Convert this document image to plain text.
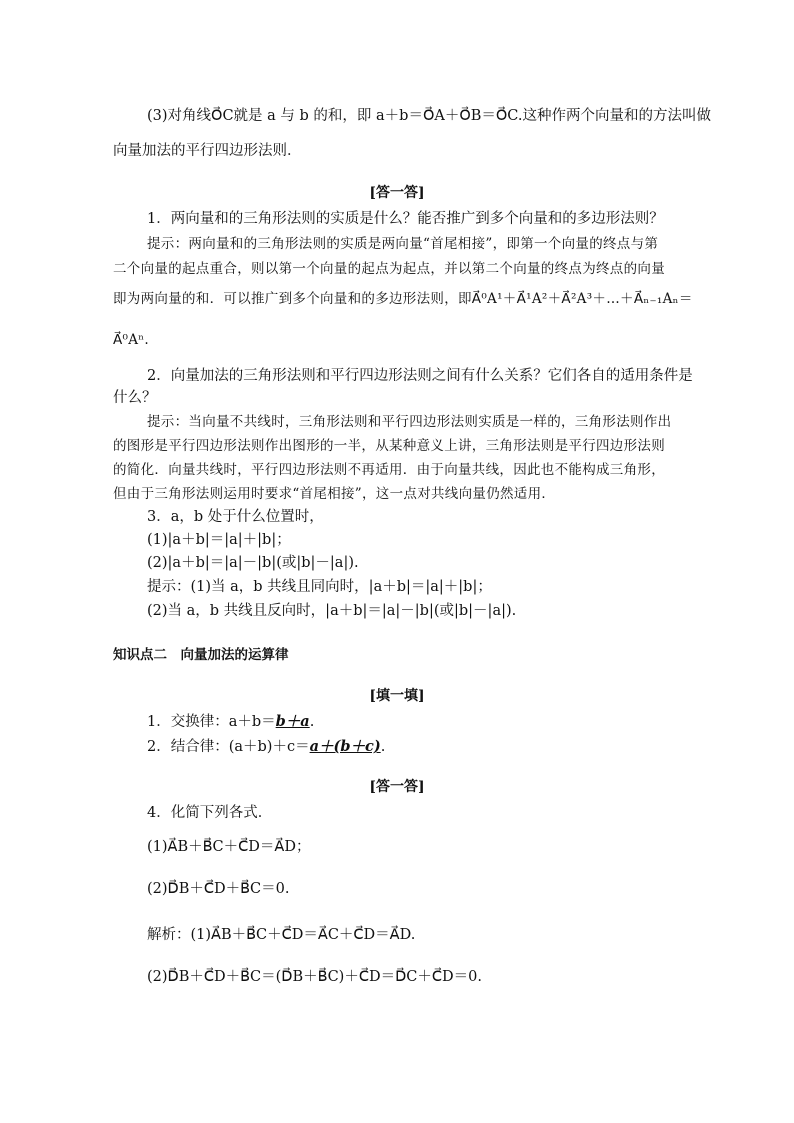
(3)对角线O⃗C就是 a 与 b 的和，即 a＋b＝O⃗A＋O⃗B＝O⃗C.这种作两个向量和的方法叫做
向量加法的平行四边形法则．
[答一答]
1．两向量和的三角形法则的实质是什么？能否推广到多个向量和的多边形法则？
提示：两向量和的三角形法则的实质是两向量“首尾相接”，即第一个向量的终点与第
二个向量的起点重合，则以第一个向量的起点为起点，并以第二个向量的终点为终点的向量
即为两向量的和．可以推广到多个向量和的多边形法则，即A⃗⁰A¹＋A⃗¹A²＋A⃗²A³＋…＋A⃗ₙ₋₁Aₙ＝
A⃗⁰Aⁿ.
2．向量加法的三角形法则和平行四边形法则之间有什么关系？它们各自的适用条件是
什么？
提示：当向量不共线时，三角形法则和平行四边形法则实质是一样的，三角形法则作出
的图形是平行四边形法则作出图形的一半，从某种意义上讲，三角形法则是平行四边形法则
的简化．向量共线时，平行四边形法则不再适用．由于向量共线，因此也不能构成三角形，
但由于三角形法则运用时要求“首尾相接”，这一点对共线向量仍然适用．
3．a，b 处于什么位置时，
(1)|a＋b|＝|a|＋|b|；
(2)|a＋b|＝|a|－|b|(或|b|－|a|).
提示：(1)当 a，b 共线且同向时，|a＋b|＝|a|＋|b|；
(2)当 a，b 共线且反向时，|a＋b|＝|a|－|b|(或|b|－|a|).
知识点二　向量加法的运算律
[填一填]
1．交换律：a＋b＝b＋a.
2．结合律：(a＋b)＋c＝a＋(b＋c).
[答一答]
4．化简下列各式．
(1)A⃗B＋B⃗C＋C⃗D＝A⃗D；
(2)D⃗B＋C⃗D＋B⃗C＝0.
解析：(1)A⃗B＋B⃗C＋C⃗D＝A⃗C＋C⃗D＝A⃗D.
(2)D⃗B＋C⃗D＋B⃗C＝(D⃗B＋B⃗C)＋C⃗D＝D⃗C＋C⃗D＝0.
